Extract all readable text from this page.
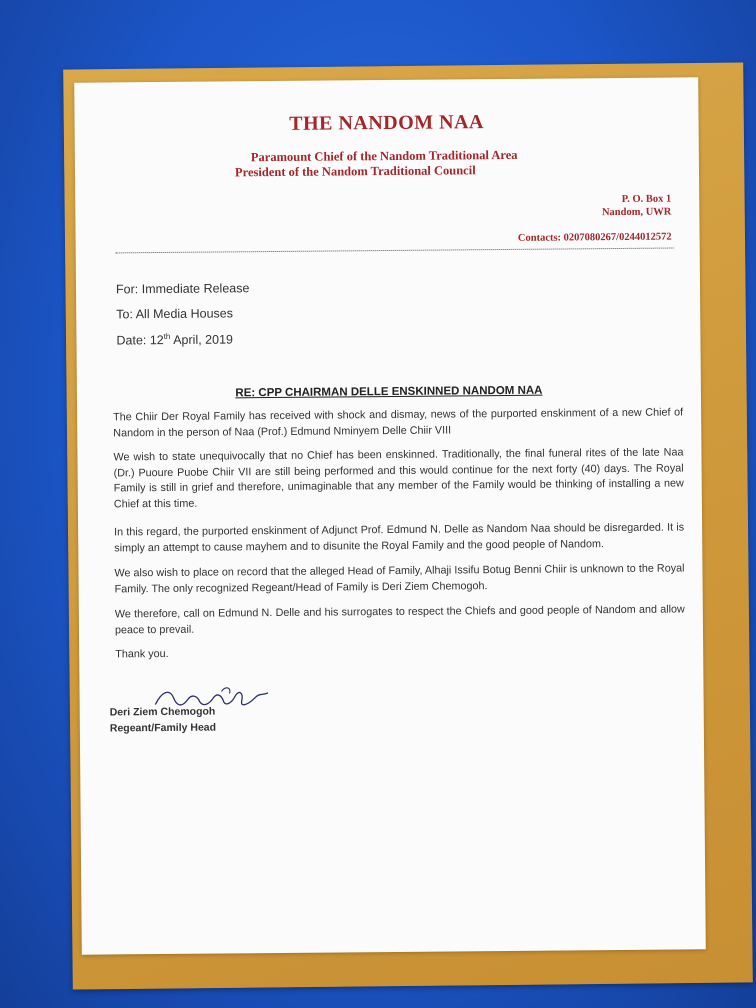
THE NANDOM NAA
Paramount Chief of the Nandom Traditional Area
President of the Nandom Traditional Council
P. O. Box 1
Nandom, UWR
Contacts: 0207080267/0244012572
For: Immediate Release
To: All Media Houses
Date: 12th April, 2019
RE: CPP CHAIRMAN DELLE ENSKINNED NANDOM NAA
The Chiir Der Royal Family has received with shock and dismay, news of the purported enskinment of a new Chief of Nandom in the person of Naa (Prof.) Edmund Nminyem Delle Chiir VIII
We wish to state unequivocally that no Chief has been enskinned. Traditionally, the final funeral rites of the late Naa (Dr.) Puoure Puobe Chiir VII are still being performed and this would continue for the next forty (40) days. The Royal Family is still in grief and therefore, unimaginable that any member of the Family would be thinking of installing a new Chief at this time.
In this regard, the purported enskinment of Adjunct Prof. Edmund N. Delle as Nandom Naa should be disregarded. It is simply an attempt to cause mayhem and to disunite the Royal Family and the good people of Nandom.
We also wish to place on record that the alleged Head of Family, Alhaji Issifu Botug Benni Chiir is unknown to the Royal Family. The only recognized Regeant/Head of Family is Deri Ziem Chemogoh.
We therefore, call on Edmund N. Delle and his surrogates to respect the Chiefs and good people of Nandom and allow peace to prevail.
Thank you.
Deri Ziem Chemogoh
Regeant/Family Head
